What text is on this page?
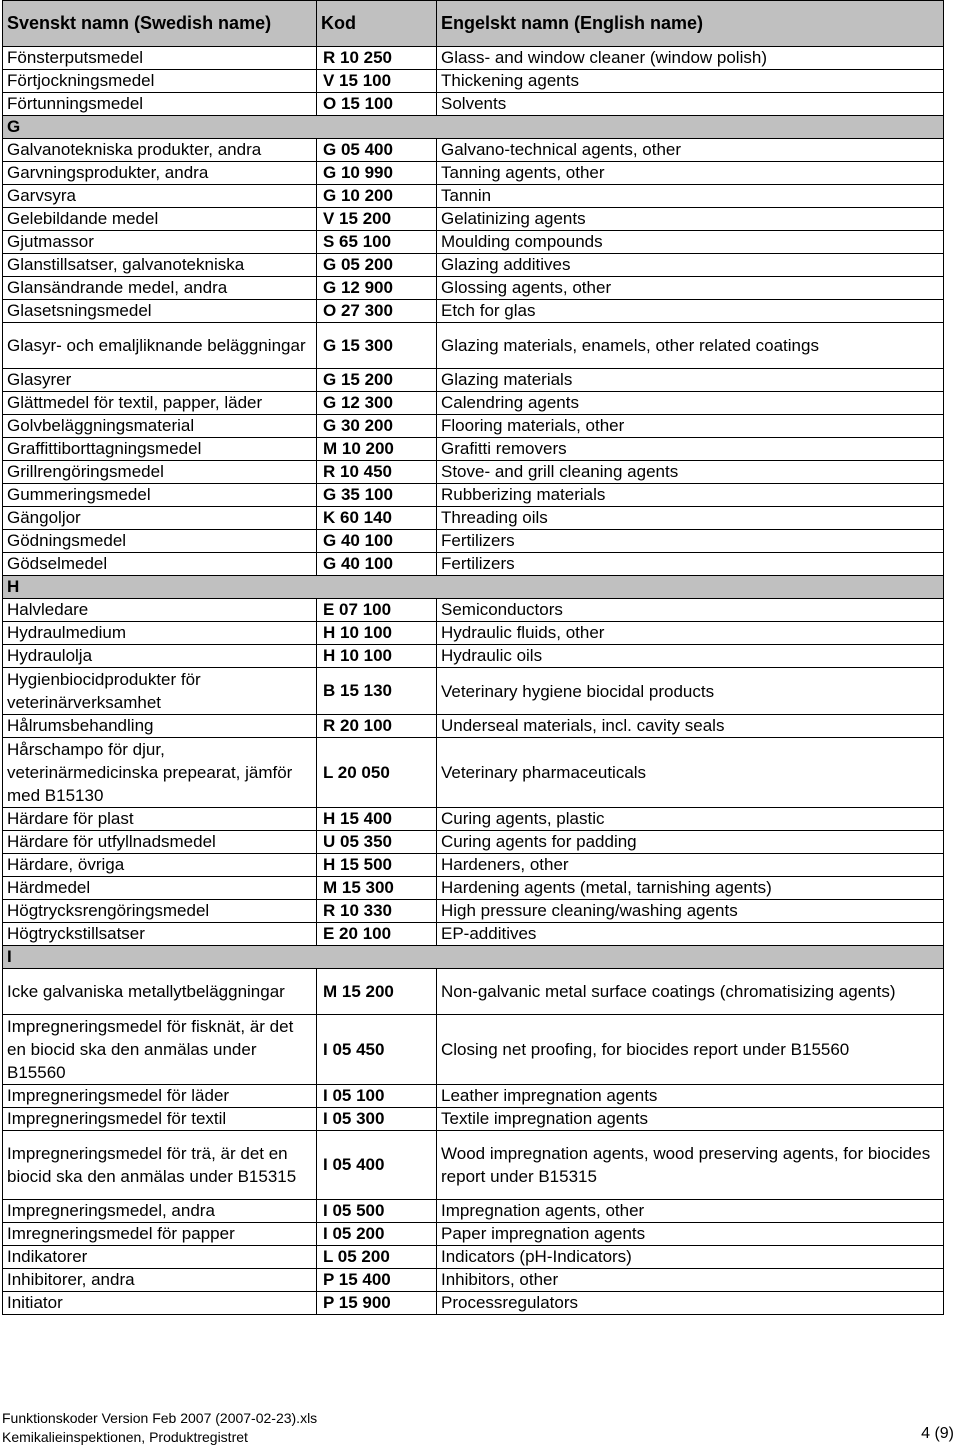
Svenskt namn (Swedish name)	Kod	Engelskt namn (English name)
Fönsterputsmedel	R 10 250	Glass- and window cleaner (window polish)
Förtjockningsmedel	V 15 100	Thickening agents
Förtunningsmedel	O 15 100	Solvents
G		
Galvanotekniska produkter, andra	G 05 400	Galvano-technical agents, other
Garvningsprodukter, andra	G 10 990	Tanning agents, other
Garvsyra	G 10 200	Tannin
Gelebildande medel	V 15 200	Gelatinizing agents
Gjutmassor	S 65 100	Moulding compounds
Glanstillsatser, galvanotekniska	G 05 200	Glazing additives
Glansändrande medel, andra	G 12 900	Glossing agents, other
Glasetsningsmedel	O 27 300	Etch for glas
Glasyr- och emaljliknande beläggningar	G 15 300	Glazing materials, enamels, other related coatings
Glasyrer	G 15 200	Glazing materials
Glättmedel för textil, papper, läder	G 12 300	Calendring agents
Golvbeläggningsmaterial	G 30 200	Flooring materials, other
Graffittiborttagningsmedel	M 10 200	Grafitti removers
Grillrengöringsmedel	R 10 450	Stove- and grill cleaning agents
Gummeringsmedel	G 35 100	Rubberizing materials
Gängoljor	K 60 140	Threading oils
Gödningsmedel	G 40 100	Fertilizers
Gödselmedel	G 40 100	Fertilizers
H		
Halvledare	E 07 100	Semiconductors
Hydraulmedium	H 10 100	Hydraulic fluids, other
Hydraulolja	H 10 100	Hydraulic oils
Hygienbiocidprodukter för veterinärverksamhet	B 15 130	Veterinary hygiene biocidal products
Hålrumsbehandling	R 20 100	Underseal materials, incl. cavity seals
Hårschampo för djur, veterinärmedicinska prepearat, jämför med B15130	L 20 050	Veterinary pharmaceuticals
Härdare för plast	H 15 400	Curing agents, plastic
Härdare för utfyllnadsmedel	U 05 350	Curing agents for padding
Härdare, övriga	H 15 500	Hardeners, other
Härdmedel	M 15 300	Hardening agents (metal, tarnishing agents)
Högtrycksrengöringsmedel	R 10 330	High pressure cleaning/washing agents
Högtryckstillsatser	E 20 100	EP-additives
I		
Icke galvaniska metallytbeläggningar	M 15 200	Non-galvanic metal surface coatings (chromatisizing agents)
Impregneringsmedel för fisknät, är det en biocid ska den anmälas under B15560	I 05 450	Closing net proofing, for biocides report under B15560
Impregneringsmedel för läder	I 05 100	Leather impregnation agents
Impregneringsmedel för textil	I 05 300	Textile impregnation agents
Impregneringsmedel för trä, är det en biocid ska den anmälas under B15315	I 05 400	Wood impregnation agents, wood preserving agents, for biocides report under B15315
Impregneringsmedel, andra	I 05 500	Impregnation agents, other
Imregneringsmedel för papper	I 05 200	Paper impregnation agents
Indikatorer	L 05 200	Indicators (pH-Indicators)
Inhibitorer, andra	P 15 400	Inhibitors, other
Initiator	P 15 900	Processregulators
Funktionskoder Version Feb 2007 (2007-02-23).xls
Kemikalieinspektionen, Produktregistret	4 (9)
